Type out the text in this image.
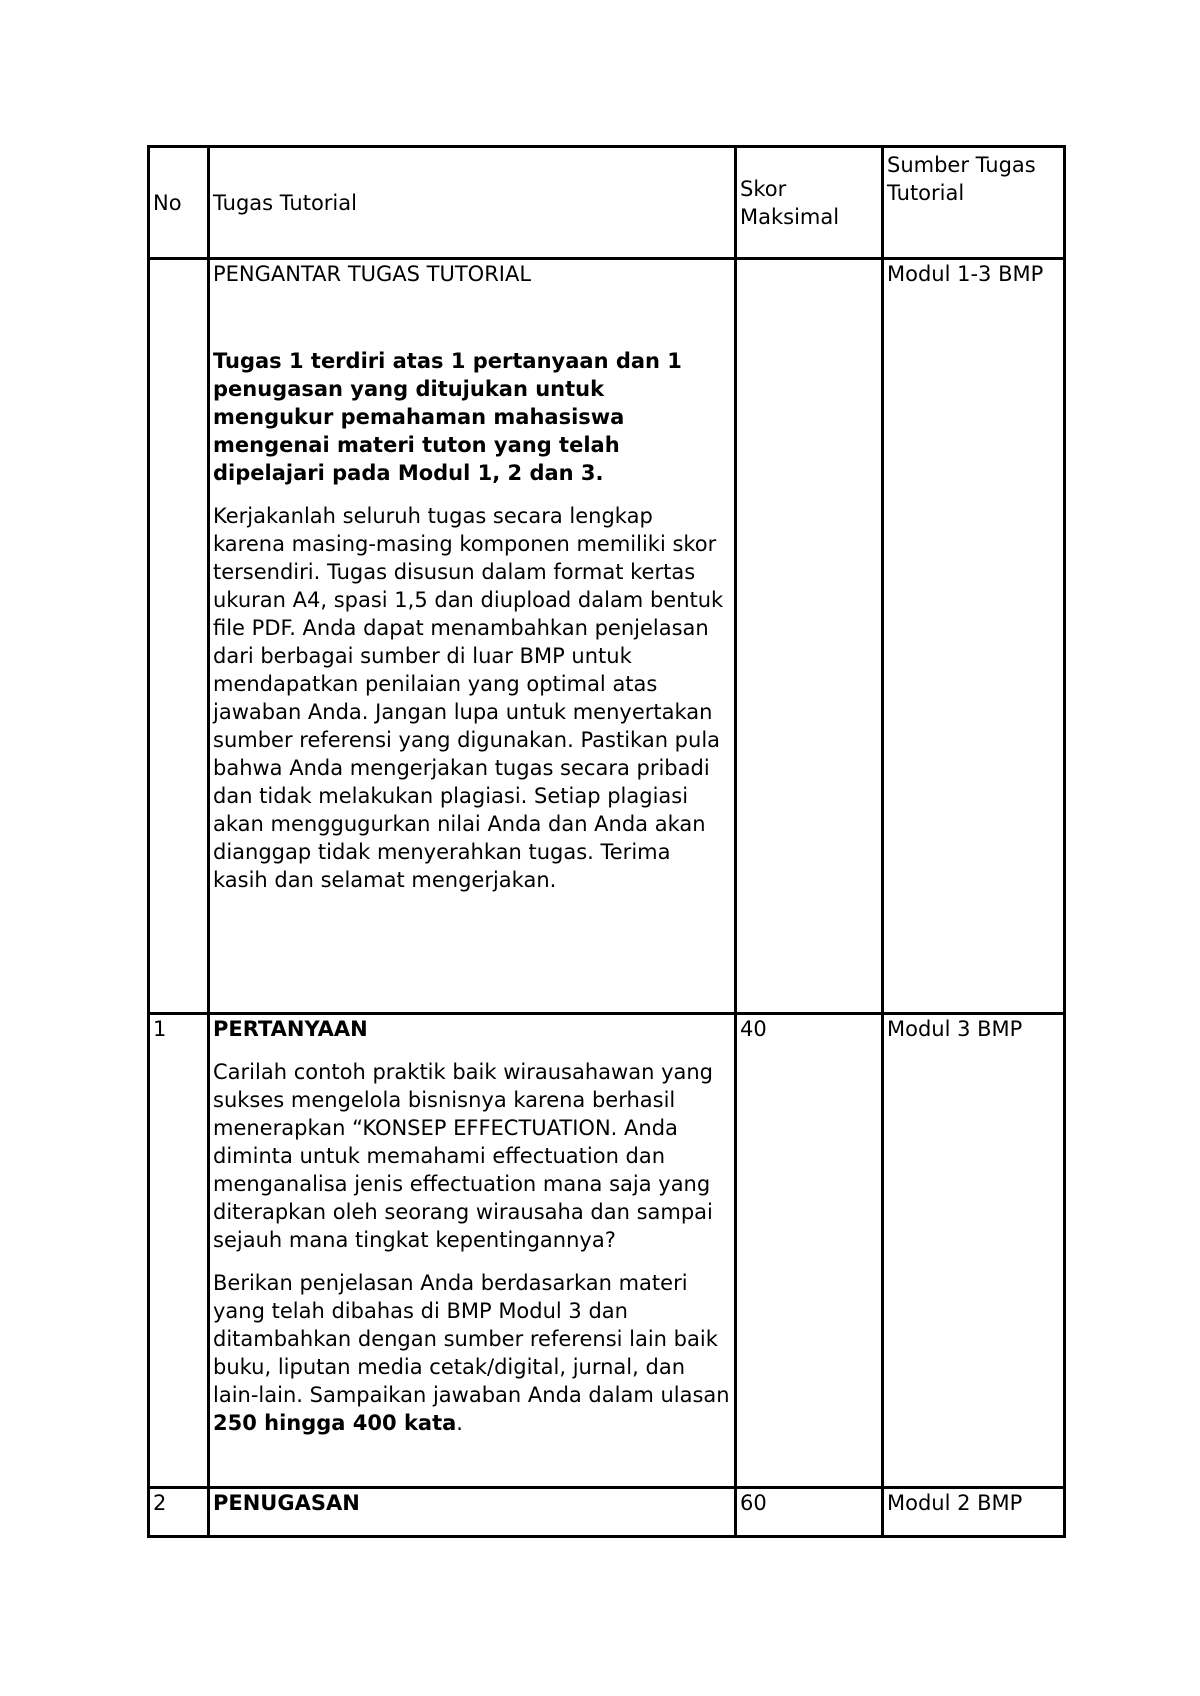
No	Tugas Tutorial	Skor Maksimal	Sumber Tugas Tutorial

	PENGANTAR TUGAS TUTORIAL

Tugas 1 terdiri atas 1 pertanyaan dan 1 penugasan yang ditujukan untuk mengukur pemahaman mahasiswa mengenai materi tuton yang telah dipelajari pada Modul 1, 2 dan 3.

Kerjakanlah seluruh tugas secara lengkap karena masing-masing komponen memiliki skor tersendiri. Tugas disusun dalam format kertas ukuran A4, spasi 1,5 dan diupload dalam bentuk file PDF. Anda dapat menambahkan penjelasan dari berbagai sumber di luar BMP untuk mendapatkan penilaian yang optimal atas jawaban Anda. Jangan lupa untuk menyertakan sumber referensi yang digunakan. Pastikan pula bahwa Anda mengerjakan tugas secara pribadi dan tidak melakukan plagiasi. Setiap plagiasi akan menggugurkan nilai Anda dan Anda akan dianggap tidak menyerahkan tugas. Terima kasih dan selamat mengerjakan.		Modul 1-3 BMP
1	PERTANYAAN

Carilah contoh praktik baik wirausahawan yang sukses mengelola bisnisnya karena berhasil menerapkan “KONSEP EFFECTUATION. Anda diminta untuk memahami effectuation dan menganalisa jenis effectuation mana saja yang diterapkan oleh seorang wirausaha dan sampai sejauh mana tingkat kepentingannya?

Berikan penjelasan Anda berdasarkan materi yang telah dibahas di BMP Modul 3 dan ditambahkan dengan sumber referensi lain baik buku, liputan media cetak/digital, jurnal, dan lain-lain. Sampaikan jawaban Anda dalam ulasan 250 hingga 400 kata.	40	Modul 3 BMP
2	PENUGASAN	60	Modul 2 BMP
